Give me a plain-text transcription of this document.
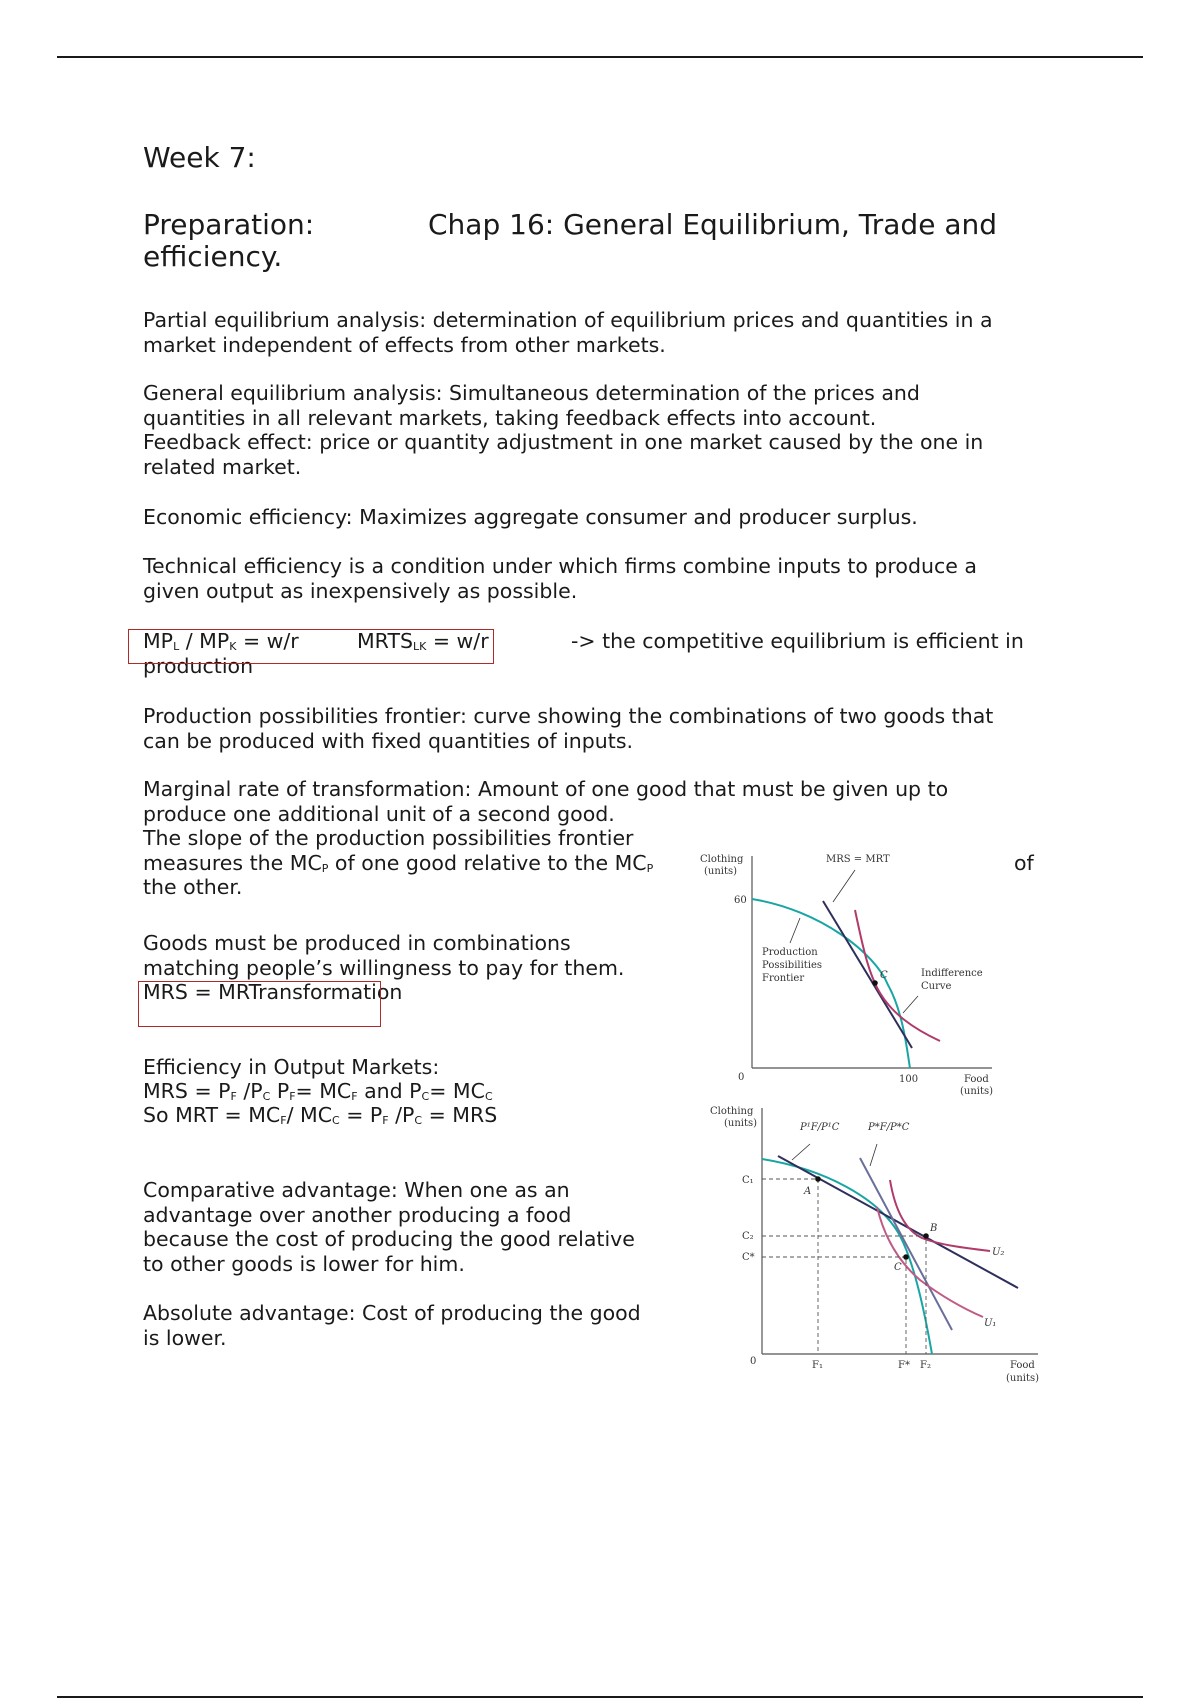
Week 7:

Preparation:	Chap 16: General Equilibrium, Trade and

efficiency.

Partial equilibrium analysis: determination of equilibrium prices and quantities in a

market independent of effects from other markets.

General equilibrium analysis: Simultaneous determination of the prices and

quantities in all relevant markets, taking feedback effects into account.

Feedback effect: price or quantity adjustment in one market caused by the one in

related market.

Economic efficiency: Maximizes aggregate consumer and producer surplus.

Technical efficiency is a condition under which firms combine inputs to produce a

given output as inexpensively as possible.

$MP_L / MP_K = w/r$	$MRTS_{LK} = w/r$	-> the competitive equilibrium is efficient in

production

Production possibilities frontier: curve showing the combinations of two goods that

can be produced with fixed quantities of inputs.

Marginal rate of transformation: Amount of one good that must be given up to

produce one additional unit of a second good.

The slope of the production possibilities frontier

measures the $MC_P$ of one good relative to the $MC_P$	of

the other.

Goods must be produced in combinations

matching people’s willingness to pay for them.

MRS = MRTransformation

Efficiency in Output Markets:

MRS = $P_F$ $/P_C$ $P_F= MC_F$ and $P_C= MC_C$

So MRT = $MC_F/$ $MC_C = P_F$ $/P_C$ = MRS

Comparative advantage: When one as an

advantage over another producing a food

because the cost of producing the good relative

to other goods is lower for him.

Absolute advantage: Cost of producing the good

is lower.

Clothing
(units)
MRS = MRT
60
0	100	Food
(units)
Production
Possibilities
Frontier	C	Indifference
Curve
Clothing
(units)	P¹F/P¹C	P*F/P*C
C₁
C₂
C*
A
B
C
U₂
U₁
0	F₁	F* F₂	Food
(units)
